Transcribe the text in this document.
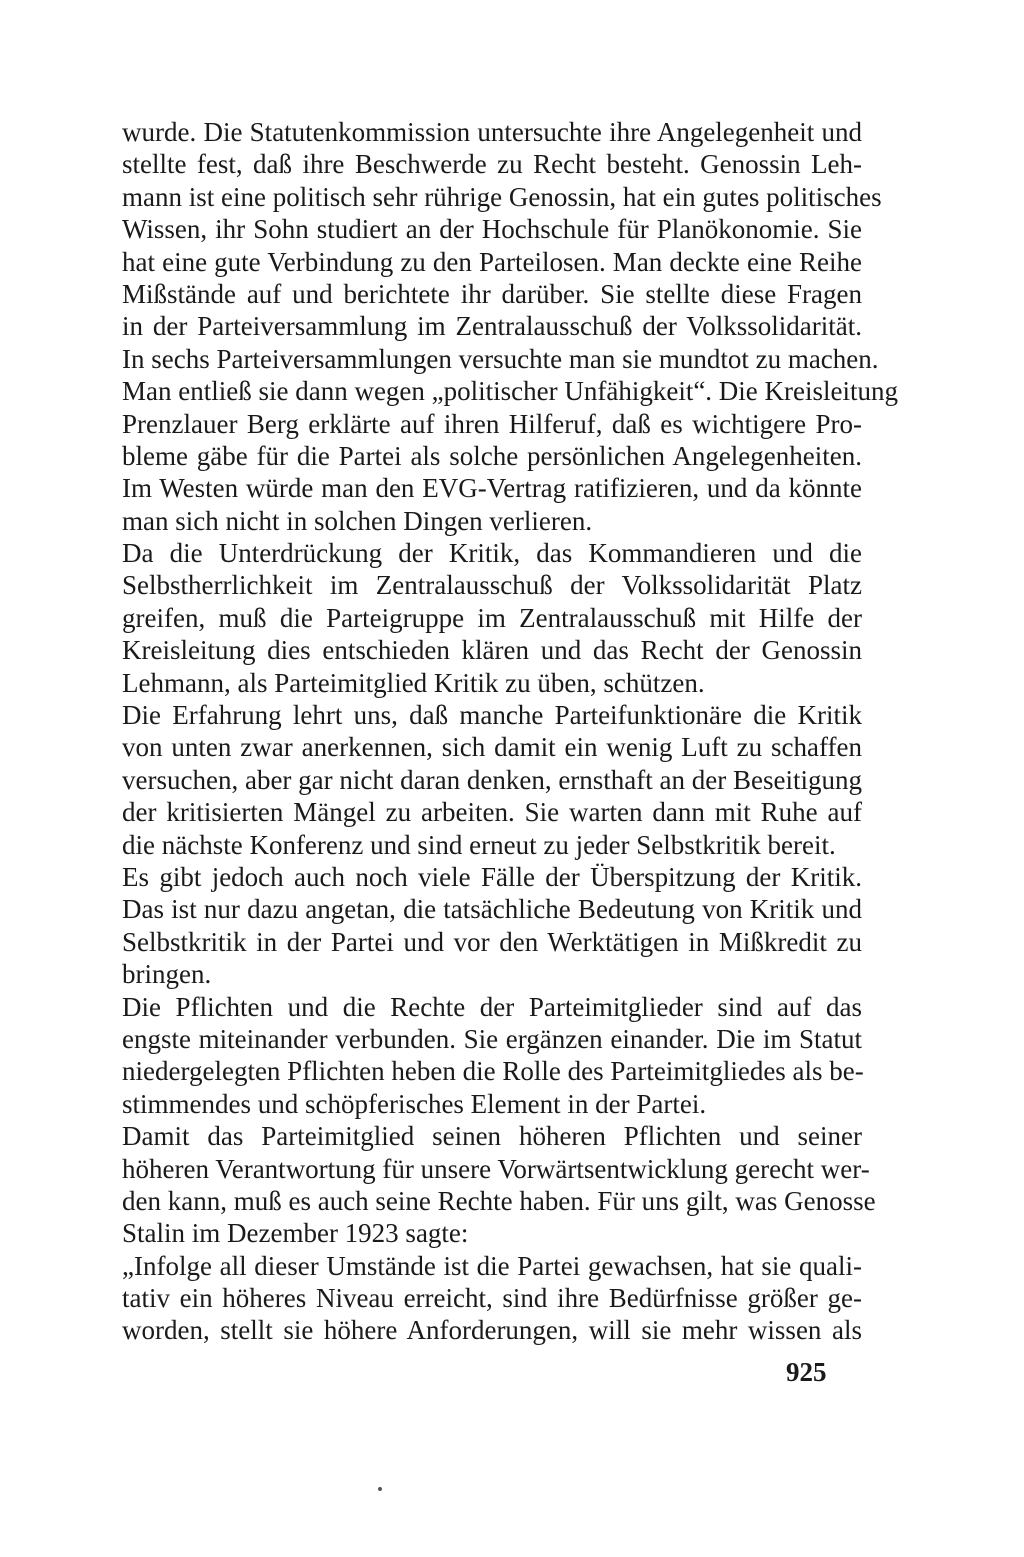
wurde. Die Statutenkommission untersuchte ihre Angelegenheit und
stellte fest, daß ihre Beschwerde zu Recht besteht. Genossin Leh-
mann ist eine politisch sehr rührige Genossin, hat ein gutes politisches
Wissen, ihr Sohn studiert an der Hochschule für Planökonomie. Sie
hat eine gute Verbindung zu den Parteilosen. Man deckte eine Reihe
Mißstände auf und berichtete ihr darüber. Sie stellte diese Fragen
in der Parteiversammlung im Zentralausschuß der Volkssolidarität.
In sechs Parteiversammlungen versuchte man sie mundtot zu machen.
Man entließ sie dann wegen „politischer Unfähigkeit“. Die Kreisleitung
Prenzlauer Berg erklärte auf ihren Hilferuf, daß es wichtigere Pro-
bleme gäbe für die Partei als solche persönlichen Angelegenheiten.
Im Westen würde man den EVG-Vertrag ratifizieren, und da könnte
man sich nicht in solchen Dingen verlieren.
Da die Unterdrückung der Kritik, das Kommandieren und die
Selbstherrlichkeit im Zentralausschuß der Volkssolidarität Platz
greifen, muß die Parteigruppe im Zentralausschuß mit Hilfe der
Kreisleitung dies entschieden klären und das Recht der Genossin
Lehmann, als Parteimitglied Kritik zu üben, schützen.
Die Erfahrung lehrt uns, daß manche Parteifunktionäre die Kritik
von unten zwar anerkennen, sich damit ein wenig Luft zu schaffen
versuchen, aber gar nicht daran denken, ernsthaft an der Beseitigung
der kritisierten Mängel zu arbeiten. Sie warten dann mit Ruhe auf
die nächste Konferenz und sind erneut zu jeder Selbstkritik bereit.
Es gibt jedoch auch noch viele Fälle der Überspitzung der Kritik.
Das ist nur dazu angetan, die tatsächliche Bedeutung von Kritik und
Selbstkritik in der Partei und vor den Werktätigen in Mißkredit zu
bringen.
Die Pflichten und die Rechte der Parteimitglieder sind auf das
engste miteinander verbunden. Sie ergänzen einander. Die im Statut
niedergelegten Pflichten heben die Rolle des Parteimitgliedes als be-
stimmendes und schöpferisches Element in der Partei.
Damit das Parteimitglied seinen höheren Pflichten und seiner
höheren Verantwortung für unsere Vorwärtsentwicklung gerecht wer-
den kann, muß es auch seine Rechte haben. Für uns gilt, was Genosse
Stalin im Dezember 1923 sagte:
„Infolge all dieser Umstände ist die Partei gewachsen, hat sie quali-
tativ ein höheres Niveau erreicht, sind ihre Bedürfnisse größer ge-
worden, stellt sie höhere Anforderungen, will sie mehr wissen als
925
